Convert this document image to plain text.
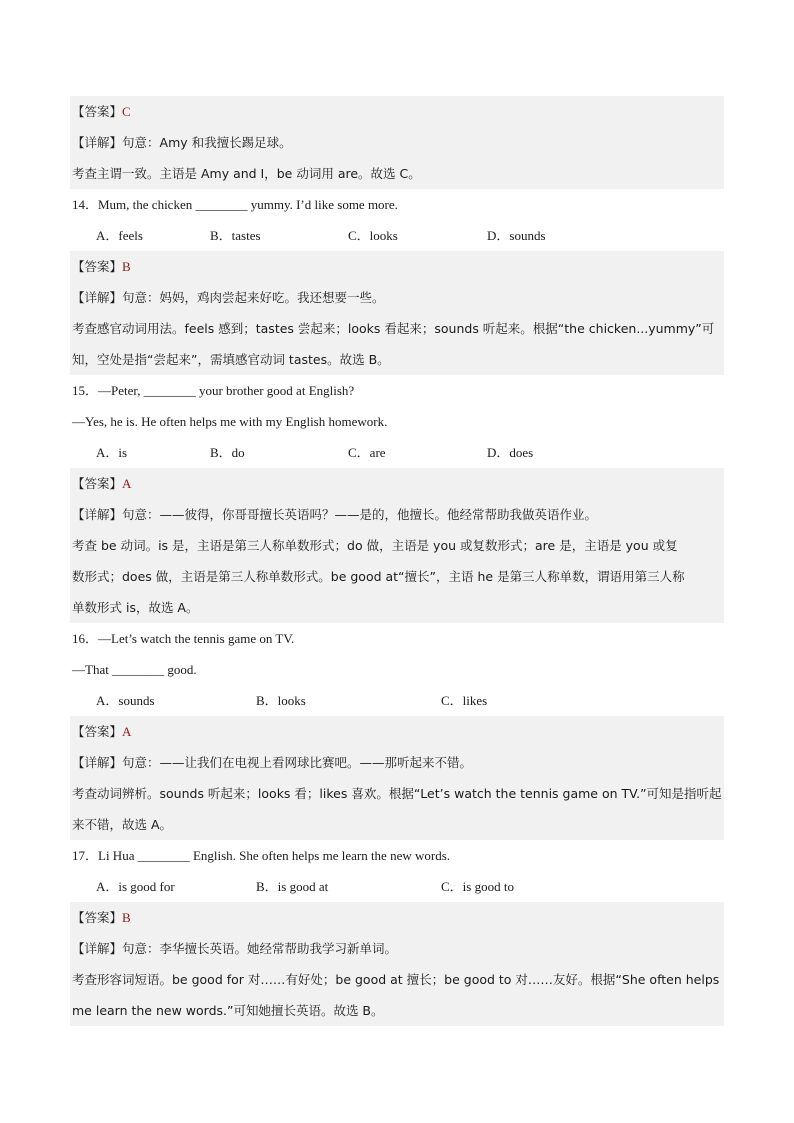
【答案】C
【详解】句意：Amy 和我擅长踢足球。
考查主谓一致。主语是 Amy and I，be 动词用 are。故选 C。
14．Mum, the chicken ________ yummy. I’d like some more.
A．feels	B．tastes	C．looks	D．sounds
【答案】B
【详解】句意：妈妈，鸡肉尝起来好吃。我还想要一些。
考查感官动词用法。feels 感到；tastes 尝起来；looks 看起来；sounds 听起来。根据“the chicken...yummy”可
知，空处是指“尝起来”，需填感官动词 tastes。故选 B。
15．—Peter, ________ your brother good at English?
—Yes, he is. He often helps me with my English homework.
A．is	B．do	C．are	D．does
【答案】A
【详解】句意：——彼得，你哥哥擅长英语吗？——是的，他擅长。他经常帮助我做英语作业。
考查 be 动词。is 是，主语是第三人称单数形式；do 做，主语是 you 或复数形式；are 是，主语是 you 或复
数形式；does 做，主语是第三人称单数形式。be good at“擅长”，主语 he 是第三人称单数，谓语用第三人称
单数形式 is，故选 A。
16．—Let’s watch the tennis game on TV.
—That ________ good.
A．sounds	B．looks	C．likes
【答案】A
【详解】句意：——让我们在电视上看网球比赛吧。——那听起来不错。
考查动词辨析。sounds 听起来；looks 看；likes 喜欢。根据“Let’s watch the tennis game on TV.”可知是指听起
来不错，故选 A。
17．Li Hua ________ English. She often helps me learn the new words.
A．is good for	B．is good at	C．is good to
【答案】B
【详解】句意：李华擅长英语。她经常帮助我学习新单词。
考查形容词短语。be good for 对……有好处；be good at 擅长；be good to 对……友好。根据“She often helps
me learn the new words.”可知她擅长英语。故选 B。
